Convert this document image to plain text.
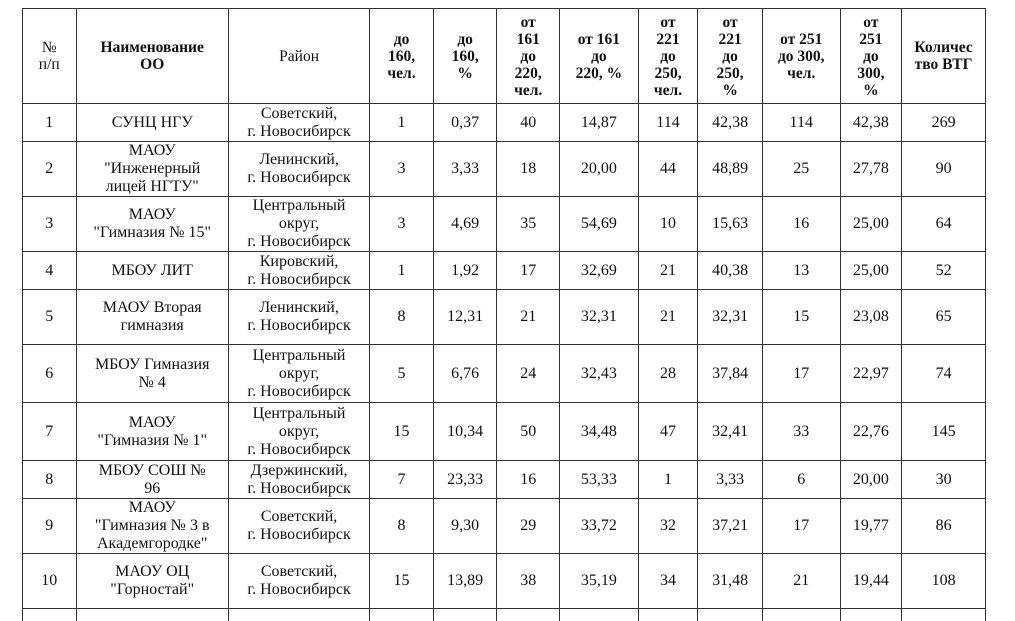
№
п/п	Наименование
ОО	Район	до
160,
чел.	до
160,
%	от
161
до
220,
чел.	от 161
до
220, %	от
221
до
250,
чел.	от
221
до
250,
%	от 251
до 300,
чел.	от
251
до
300,
%	Количес
тво ВТГ

1	СУНЦ НГУ	Советский,
г. Новосибирск	1	0,37	40	14,87	114	42,38	114	42,38	269

2	МАОУ
"Инженерный
лицей НГТУ"	Ленинский,
г. Новосибирск	3	3,33	18	20,00	44	48,89	25	27,78	90

3	МАОУ
"Гимназия № 15"	Центральный
округ,
г. Новосибирск	3	4,69	35	54,69	10	15,63	16	25,00	64

4	МБОУ ЛИТ	Кировский,
г. Новосибирск	1	1,92	17	32,69	21	40,38	13	25,00	52

5	МАОУ Вторая
гимназия	Ленинский,
г. Новосибирск	8	12,31	21	32,31	21	32,31	15	23,08	65

6	МБОУ Гимназия
№ 4	Центральный
округ,
г. Новосибирск	5	6,76	24	32,43	28	37,84	17	22,97	74

7	МАОУ
"Гимназия № 1"	Центральный
округ,
г. Новосибирск	15	10,34	50	34,48	47	32,41	33	22,76	145

8	МБОУ СОШ №
96	Дзержинский,
г. Новосибирск	7	23,33	16	53,33	1	3,33	6	20,00	30

9	МАОУ
"Гимназия № 3 в
Академгородке"	Советский,
г. Новосибирск	8	9,30	29	33,72	32	37,21	17	19,77	86

10	МАОУ ОЦ
"Горностай"	Советский,
г. Новосибирск	15	13,89	38	35,19	34	31,48	21	19,44	108
